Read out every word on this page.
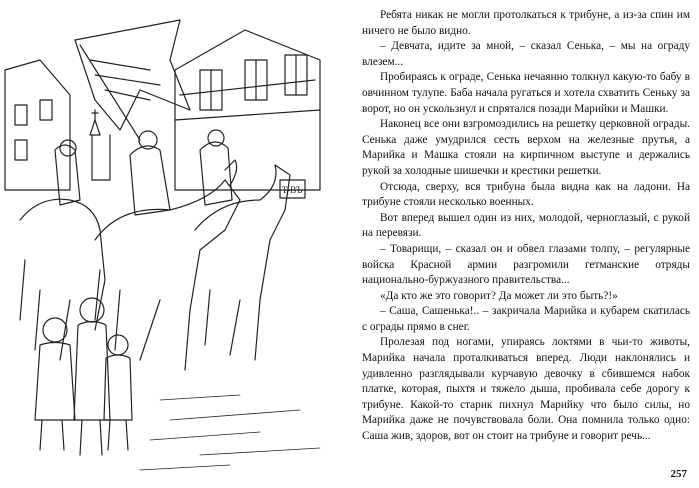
Т-ВЪ

Ребята никак не могли протолкаться к трибуне, а из-за спин им ничего не было видно.

– Девчата, идите за мной, – сказал Сенька, – мы на ограду влезем...

Пробираясь к ограде, Сенька нечаянно толкнул какую-то бабу в овчинном тулупе. Баба начала ругаться и хотела схватить Сеньку за ворот, но он ускользнул и спрятался позади Марийки и Машки.

Наконец все они взгромоздились на решетку церковной ограды. Сенька даже умудрился сесть верхом на железные прутья, а Марийка и Машка стояли на кирпичном выступе и держались рукой за холодные шишечки и крестики решетки.

Отсюда, сверху, вся трибуна была видна как на ладони. На трибуне стояли несколько военных.

Вот вперед вышел один из них, молодой, черноглазый, с рукой на перевязи.

– Товарищи, – сказал он и обвел глазами толпу, – регулярные войска Красной армии разгромили гетманские отряды национально-буржуазного правительства...

«Да кто же это говорит? Да может ли это быть?!»

– Саша, Сашенька!.. – закричала Марийка и кубарем скатилась с ограды прямо в снег.

Пролезая под ногами, упираясь локтями в чьи-то животы, Марийка начала проталкиваться вперед. Люди наклонялись и удивленно разглядывали курчавую девочку в сбившемся набок платке, которая, пыхтя и тяжело дыша, пробивала себе дорогу к трибуне. Какой-то старик пихнул Марийку что было силы, но Марийка даже не почувствовала боли. Она помнила только одно: Саша жив, здоров, вот он стоит на трибуне и говорит речь...

257
